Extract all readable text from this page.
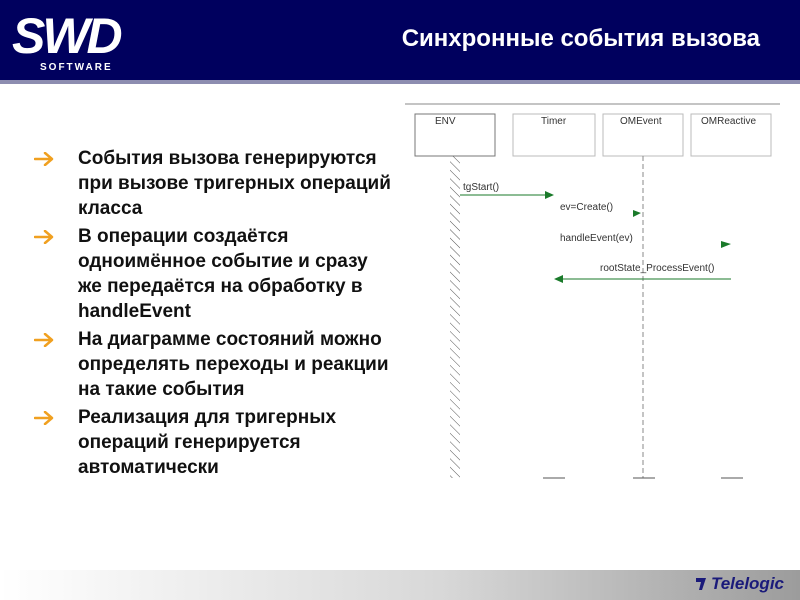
SWD
SOFTWARE
Синхронные события вызова
События вызова генерируются при вызове тригерных операций класса
В операции создаётся одноимённое событие и сразу же передаётся на обработку в handleEvent
На диаграмме состояний можно определять переходы и реакции на такие события
Реализация для тригерных операций генерируется автоматически
ENV	Timer	OMEvent	OMReactive
tgStart()
ev=Create()
handleEvent(ev)
rootState_ProcessEvent()
Telelogic
